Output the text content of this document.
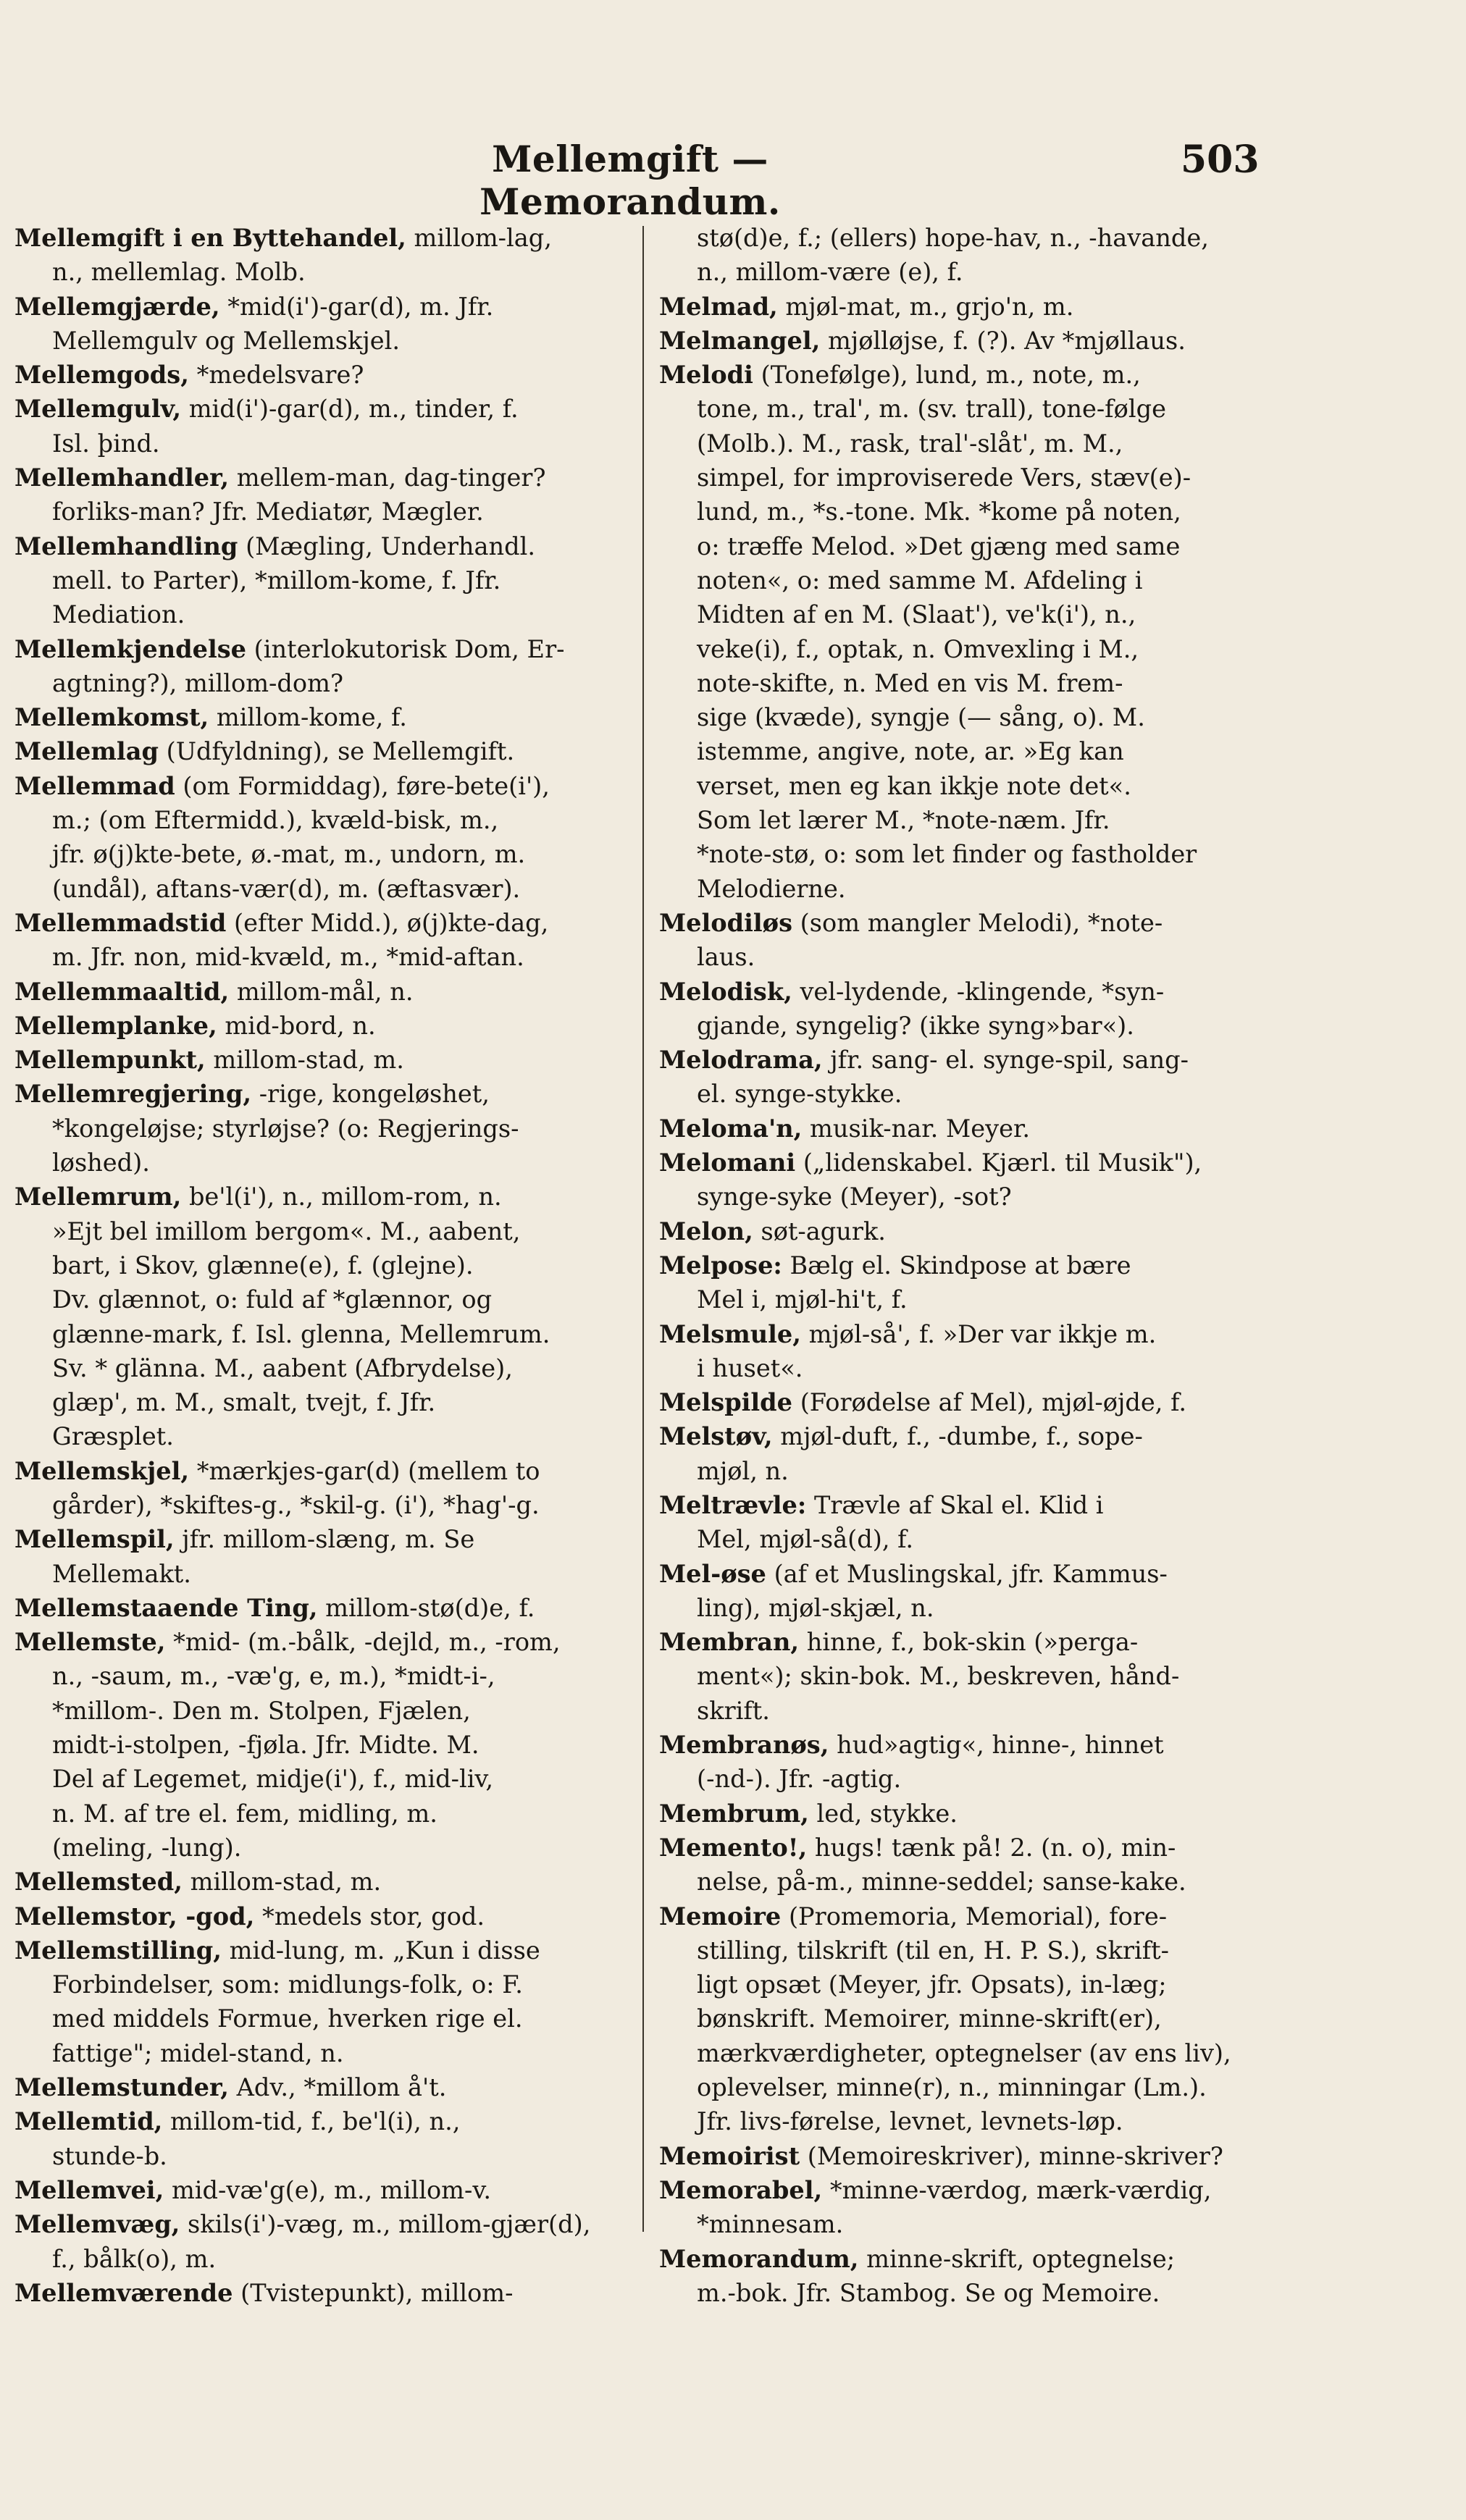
Mellemgift — Memorandum.
503
Mellemgift i en Byttehandel, millom-lag,
n., mellemlag. Molb.
Mellemgjærde, *mid(i')-gar(d), m. Jfr.
Mellemgulv og Mellemskjel.
Mellemgods, *medelsvare?
Mellemgulv, mid(i')-gar(d), m., tinder, f.
Isl. þind.
Mellemhandler, mellem-man, dag-tinger?
forliks-man? Jfr. Mediatør, Mægler.
Mellemhandling (Mægling, Underhandl.
mell. to Parter), *millom-kome, f. Jfr.
Mediation.
Mellemkjendelse (interlokutorisk Dom, Er-
agtning?), millom-dom?
Mellemkomst, millom-kome, f.
Mellemlag (Udfyldning), se Mellemgift.
Mellemmad (om Formiddag), føre-bete(i'),
m.; (om Eftermidd.), kvæld-bisk, m.,
jfr. ø(j)kte-bete, ø.-mat, m., undorn, m.
(undål), aftans-vær(d), m. (æftasvær).
Mellemmadstid (efter Midd.), ø(j)kte-dag,
m. Jfr. non, mid-kvæld, m., *mid-aftan.
Mellemmaaltid, millom-mål, n.
Mellemplanke, mid-bord, n.
Mellempunkt, millom-stad, m.
Mellemregjering, -rige, kongeløshet,
*kongeløjse; styrløjse? (o: Regjerings-
løshed).
Mellemrum, be'l(i'), n., millom-rom, n.
»Ejt bel imillom bergom«. M., aabent,
bart, i Skov, glænne(e), f. (glejne).
Dv. glænnot, o: fuld af *glænnor, og
glænne-mark, f. Isl. glenna, Mellemrum.
Sv. * glänna. M., aabent (Afbrydelse),
glæp', m. M., smalt, tvejt, f. Jfr.
Græsplet.
Mellemskjel, *mærkjes-gar(d) (mellem to
gårder), *skiftes-g., *skil-g. (i'), *hag'-g.
Mellemspil, jfr. millom-slæng, m. Se
Mellemakt.
Mellemstaaende Ting, millom-stø(d)e, f.
Mellemste, *mid- (m.-bålk, -dejld, m., -rom,
n., -saum, m., -væ'g, e, m.), *midt-i-,
*millom-. Den m. Stolpen, Fjælen,
midt-i-stolpen, -fjøla. Jfr. Midte. M.
Del af Legemet, midje(i'), f., mid-liv,
n. M. af tre el. fem, midling, m.
(meling, -lung).
Mellemsted, millom-stad, m.
Mellemstor, -god, *medels stor, god.
Mellemstilling, mid-lung, m. „Kun i disse
Forbindelser, som: midlungs-folk, o: F.
med middels Formue, hverken rige el.
fattige"; midel-stand, n.
Mellemstunder, Adv., *millom å't.
Mellemtid, millom-tid, f., be'l(i), n.,
stunde-b.
Mellemvei, mid-væ'g(e), m., millom-v.
Mellemvæg, skils(i')-væg, m., millom-gjær(d),
f., bålk(o), m.
Mellemværende (Tvistepunkt), millom-
stø(d)e, f.; (ellers) hope-hav, n., -havande,
n., millom-være (e), f.
Melmad, mjøl-mat, m., grjo'n, m.
Melmangel, mjølløjse, f. (?). Av *mjøllaus.
Melodi (Tonefølge), lund, m., note, m.,
tone, m., tral', m. (sv. trall), tone-følge
(Molb.). M., rask, tral'-slåt', m. M.,
simpel, for improviserede Vers, stæv(e)-
lund, m., *s.-tone. Mk. *kome på noten,
o: træffe Melod. »Det gjæng med same
noten«, o: med samme M. Afdeling i
Midten af en M. (Slaat'), ve'k(i'), n.,
veke(i), f., optak, n. Omvexling i M.,
note-skifte, n. Med en vis M. frem-
sige (kvæde), syngje (— sång, o). M.
istemme, angive, note, ar. »Eg kan
verset, men eg kan ikkje note det«.
Som let lærer M., *note-næm. Jfr.
*note-stø, o: som let finder og fastholder
Melodierne.
Melodiløs (som mangler Melodi), *note-
laus.
Melodisk, vel-lydende, -klingende, *syn-
gjande, syngelig? (ikke syng»bar«).
Melodrama, jfr. sang- el. synge-spil, sang-
el. synge-stykke.
Meloma'n, musik-nar. Meyer.
Melomani („lidenskabel. Kjærl. til Musik"),
synge-syke (Meyer), -sot?
Melon, søt-agurk.
Melpose: Bælg el. Skindpose at bære
Mel i, mjøl-hi't, f.
Melsmule, mjøl-så', f. »Der var ikkje m.
i huset«.
Melspilde (Forødelse af Mel), mjøl-øjde, f.
Melstøv, mjøl-duft, f., -dumbe, f., sope-
mjøl, n.
Meltrævle: Trævle af Skal el. Klid i
Mel, mjøl-så(d), f.
Mel-øse (af et Muslingskal, jfr. Kammus-
ling), mjøl-skjæl, n.
Membran, hinne, f., bok-skin (»perga-
ment«); skin-bok. M., beskreven, hånd-
skrift.
Membranøs, hud»agtig«, hinne-, hinnet
(-nd-). Jfr. -agtig.
Membrum, led, stykke.
Memento!, hugs! tænk på! 2. (n. o), min-
nelse, på-m., minne-seddel; sanse-kake.
Memoire (Promemoria, Memorial), fore-
stilling, tilskrift (til en, H. P. S.), skrift-
ligt opsæt (Meyer, jfr. Opsats), in-læg;
bønskrift. Memoirer, minne-skrift(er),
mærkværdigheter, optegnelser (av ens liv),
oplevelser, minne(r), n., minningar (Lm.).
Jfr. livs-førelse, levnet, levnets-løp.
Memoirist (Memoireskriver), minne-skriver?
Memorabel, *minne-værdog, mærk-værdig,
*minnesam.
Memorandum, minne-skrift, optegnelse;
m.-bok. Jfr. Stambog. Se og Memoire.
